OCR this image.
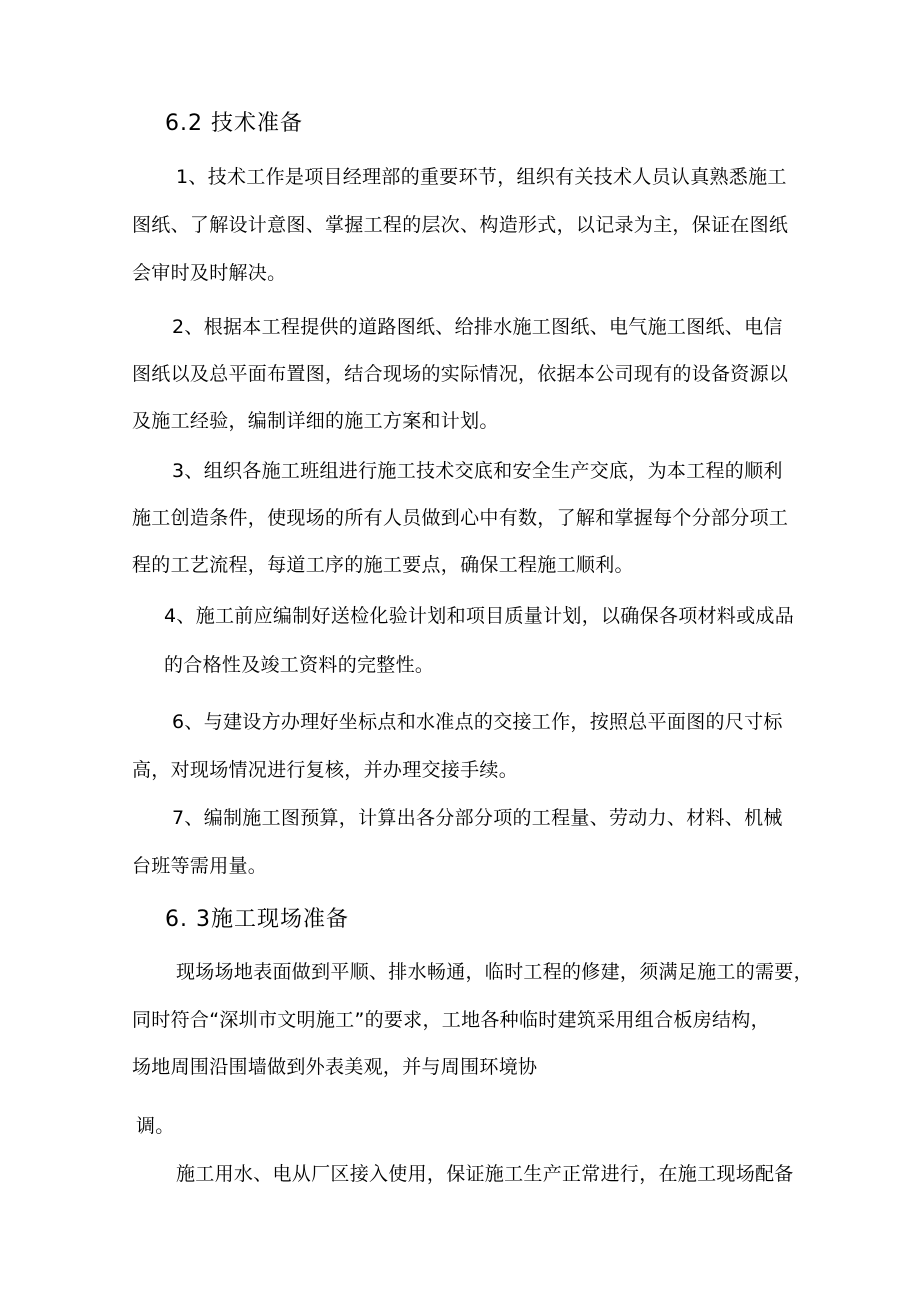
6.2 技术准备
1、技术工作是项目经理部的重要环节，组织有关技术人员认真熟悉施工
图纸、了解设计意图、掌握工程的层次、构造形式，以记录为主，保证在图纸
会审时及时解决。
2、根据本工程提供的道路图纸、给排水施工图纸、电气施工图纸、电信
图纸以及总平面布置图，结合现场的实际情况，依据本公司现有的设备资源以
及施工经验，编制详细的施工方案和计划。
3、组织各施工班组进行施工技术交底和安全生产交底，为本工程的顺利
施工创造条件，使现场的所有人员做到心中有数，了解和掌握每个分部分项工
程的工艺流程，每道工序的施工要点，确保工程施工顺利。
4、施工前应编制好送检化验计划和项目质量计划，以确保各项材料或成品
的合格性及竣工资料的完整性。
6、与建设方办理好坐标点和水准点的交接工作，按照总平面图的尺寸标
高，对现场情况进行复核，并办理交接手续。
7、编制施工图预算，计算出各分部分项的工程量、劳动力、材料、机械
台班等需用量。
6. 3施工现场准备
现场场地表面做到平顺、排水畅通，临时工程的修建，须满足施工的需要，
同时符合“深圳市文明施工”的要求，工地各种临时建筑采用组合板房结构，
场地周围沿围墙做到外表美观，并与周围环境协
调。
施工用水、电从厂区接入使用，保证施工生产正常进行，在施工现场配备
